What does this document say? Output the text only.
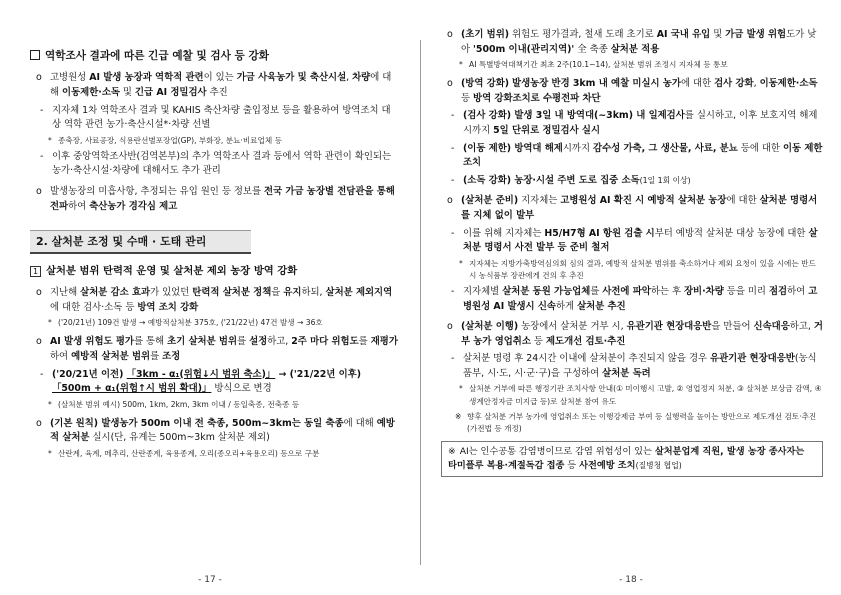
역학조사 결과에 따른 긴급 예찰 및 검사 등 강화
o 고병원성 AI 발생 농장과 역학적 관련이 있는 가금 사육농가 및 축산시설, 차량에 대해 이동제한·소독 및 긴급 AI 정밀검사 추진
- 지자체 1차 역학조사 결과 및 KAHIS 축산차량 출입정보 등을 활용하여 방역조치 대상 역학 관련 농가·축산시설*·차량 선별
* 종축장, 사료공장, 식용란선별포장업(GP), 부화장, 분뇨·비료업체 등
- 이후 중앙역학조사반(검역본부)의 추가 역학조사 결과 등에서 역학 관련이 확인되는 농가·축산시설·차량에 대해서도 추가 관리
o 발생농장의 미흡사항, 추정되는 유입 원인 등 정보를 전국 가금 농장별 전담관을 통해 전파하여 축산농가 경각심 제고
2. 살처분 조정 및 수매 · 도태 관리
1 살처분 범위 탄력적 운영 및 살처분 제외 농장 방역 강화
o 지난해 살처분 감소 효과가 있었던 탄력적 살처분 정책을 유지하되, 살처분 제외지역에 대한 검사·소독 등 방역 조치 강화
* ('20/21년) 109건 발생 → 예방적살처분 375호, ('21/22년) 47건 발생 → 36호
o AI 발생 위험도 평가를 통해 초기 살처분 범위를 설정하고, 2주 마다 위험도를 재평가하여 예방적 살처분 범위를 조정
- ('20/21년 이전) 「3km - α₁(위험↓시 범위 축소)」 → ('21/22년 이후) 「500m + α₁(위험↑시 범위 확대)」 방식으로 변경
* (살처분 범위 예시) 500m, 1km, 2km, 3km 이내 / 동일축종, 전축종 등
o (기본 원칙) 발생농가 500m 이내 전 축종, 500m~3km는 동일 축종에 대해 예방적 살처분 실시(단, 유계는 500m~3km 살처분 제외)
* 산란계, 육계, 메추리, 산란종계, 육용종계, 오리(종오리+육용오리) 등으로 구분
- 17 -
o (초기 범위) 위험도 평가결과, 철새 도래 초기로 AI 국내 유입 및 가금 발생 위험도가 낮아 '500m 이내(관리지역)' 全 축종 살처분 적용
* AI 특별방역대책기간 최초 2주(10.1~14), 살처분 범위 조정시 지자체 등 통보
o (방역 강화) 발생농장 반경 3km 내 예찰 미실시 농가에 대한 검사 강화, 이동제한·소독 등 방역 강화조치로 수평전파 차단
- (검사 강화) 발생 3일 내 방역대(~3km) 내 일제검사를 실시하고, 이후 보호지역 해제 시까지 5일 단위로 정밀검사 실시
- (이동 제한) 방역대 해제시까지 감수성 가축, 그 생산물, 사료, 분뇨 등에 대한 이동 제한 조치
- (소독 강화) 농장·시설 주변 도로 집중 소독(1일 1회 이상)
o (살처분 준비) 지자체는 고병원성 AI 확진 시 예방적 살처분 농장에 대한 살처분 명령서를 지체 없이 발부
- 이를 위해 지자체는 H5/H7형 AI 항원 검출 시부터 예방적 살처분 대상 농장에 대한 살처분 명령서 사전 발부 등 준비 철저
* 지자체는 지방가축방역심의회 심의 결과, 예방적 살처분 범위를 축소하거나 제외 요청이 있을 시에는 반드시 농식품부 장관에게 건의 후 추진
- 지자체별 살처분 동원 가능업체를 사전에 파악하는 후 장비·차량 등을 미리 점검하여 고병원성 AI 발생시 신속하게 살처분 추진
o (살처분 이행) 농장에서 살처분 거부 시, 유관기관 현장대응반을 만들어 신속대응하고, 거부 농가 영업취소 등 제도개선 검토·추진
- 살처분 명령 후 24시간 이내에 살처분이 추진되지 않을 경우 유관기관 현장대응반(농식품부, 시·도, 시·군·구)을 구성하여 살처분 독려
* 살처분 거부에 따른 행정기관 조치사항 안내(① 미이행시 고발, ② 영업정지 처분, ③ 살처분 보상금 감액, ④ 생계안정자금 미지급 등)로 살처분 참여 유도
※ 향후 살처분 거부 농가에 영업취소 또는 이행강제금 부여 등 실행력을 높이는 방안으로 제도개선 검토·추진(가전법 등 개정)
※ AI는 인수공통 감염병이므로 감염 위험성이 있는 살처분업계 직원, 발생 농장 종사자는 타미플루 복용·계절독감 접종 등 사전예방 조치(질병청 협업)
- 18 -
